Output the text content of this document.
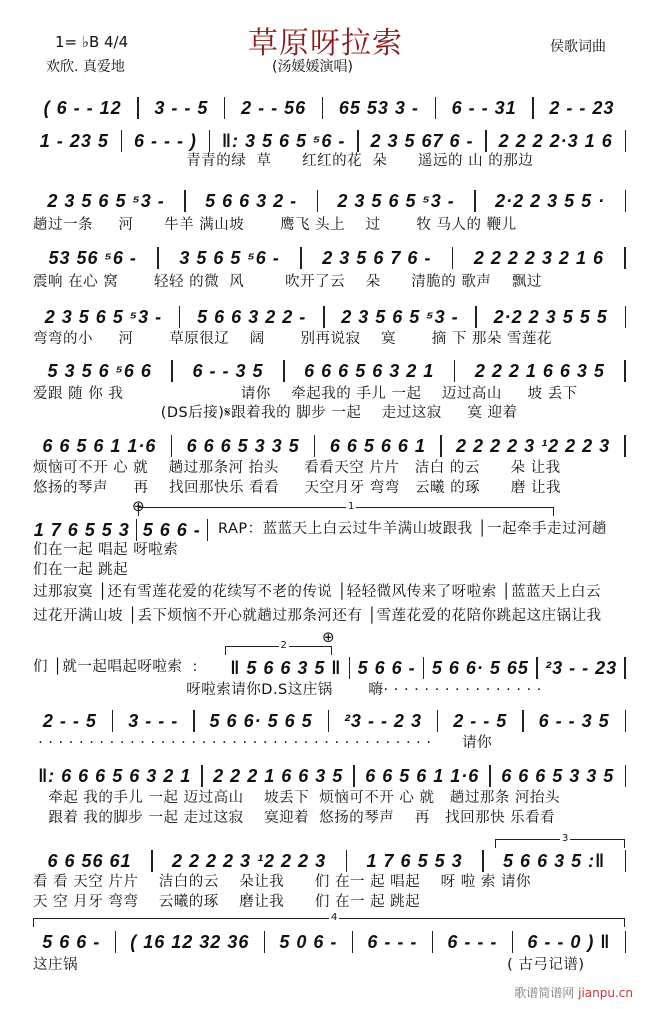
草原呀拉索
1= ♭B 4/4
欢欣. 真爱地	(汤媛媛演唱)
侯歌词曲
( 6 - - 12	3 - - 5	2 - - 56	65 53 3 -	6 - - 31	2 - - 23
1 - 23 5	6 - - - )	‖: 3 5 6 5 ⁵6 -	2 3 5 67 6 -	2 2 2 2·3 1 6
青青的绿  草      红红的花  朵      遥远的 山 的那边
2 3 5 6 5 ⁵3 -	5 6 6 3 2 -	2 3 5 6 5 ⁵3 -	2·2 2 3 5 5 ·
趟过一条     河      牛羊 满山坡       鹰飞 头上    过       牧 马人的 鞭儿
53 56 ⁵6 -	3 5 6 5 ⁵6 -	2 3 5 6 7 6 -	2 2 2 2 3 2 1 6
震响 在心 窝       轻轻 的微  风        吹开了云    朵      清脆的 歌声    飘过
2 3 5 6 5 ⁵3 -	5 6 6 3 2 2 -	2 3 5 6 5 ⁵3 -	2·2 2 3 5 5 5
弯弯的小     河       草原很辽    阔       别再说寂    寞       摘 下 那朵 雪莲花
5 3 5 6 ⁵6 6	6 - - 3 5	6 6 6 5 6 3 2 1	2 2 2 1 6 6 3 5
爱跟 随 你 我                       请你    牵起我的 手儿 一起    迈过高山     坡 丢下
(DS后接)𝄋跟着我的 脚步 一起    走过这寂     寞 迎着
6 6 5 6 1 1·6	6 6 6 5 3 3 5	6 6 5 6 6 1	2 2 2 2 3 ¹2 2 2 3
烦恼可不开 心 就    趟过那条河 抬头     看看天空 片片   洁白 的云      朵 让我
悠扬的琴声     再    找回那快乐 看看     天空月牙 弯弯   云曦 的琢      磨 让我
1 7 6 5 5 3 5 6 6 - RAP：蓝蓝天上白云过牛羊满山坡跟我 │一起牵手走过河趟
们在一起 唱起 呀啦索
们在一起 跳起
过那寂寞 │还有雪莲花爱的花续写不老的传说 │轻轻微风传来了呀啦索 │蓝蓝天上白云
过花开满山坡 │丢下烦恼不开心就趟过那条河还有 │雪莲花爱的花陪你跳起这庄锅让我
‖ 5 6 6 3 5 ‖ 5 6 6 - 5 6 6· 5 65 ²3 - - 23
们 │就一起唱起呀啦索  :
呀啦索请你D.S这庄锅       嗨· · · · · · · · · · · · · · · ·
2 - - 5	3 - - -	5 6 6· 5 6 5	²3 - - 2 3	2 - - 5	6 - - 3 5
· · · · · · · · · · · · · · · · · · · · · · · · · · · · · · · · · · · · · · ·      请你
‖: 6 6 6 5 6 3 2 1	2 2 2 1 6 6 3 5	6 6 5 6 1 1·6	6 6 6 5 3 3 5
牵起 我的手儿 一起 迈过高山    坡丢下  烦恼可不开 心 就   趟过那条 河抬头
跟着 我的脚步 一起 走过这寂    寞迎着  悠扬的琴声    再   找回那快 乐看看
6 6 56 61	2 2 2 2 3 ¹2 2 2 3	1 7 6 5 5 3	5 6 6 3 5 :‖
看 看 天空 片片    洁白的云    朵让我      们 在一 起 唱起    呀 啦 索 请你
天 空 月牙 弯弯    云曦的琢    磨让我      们 在一 起 跳起
5 6 6 -	( 16 12 32 36	5 0 6 -	6 - - -	6 - - -	6 - - 0 ) ‖
这庄锅                                                                                    ( 古弓记谱)
1
2
3
4
⊕
⊕
歌谱简谱网 jianpu.cn
